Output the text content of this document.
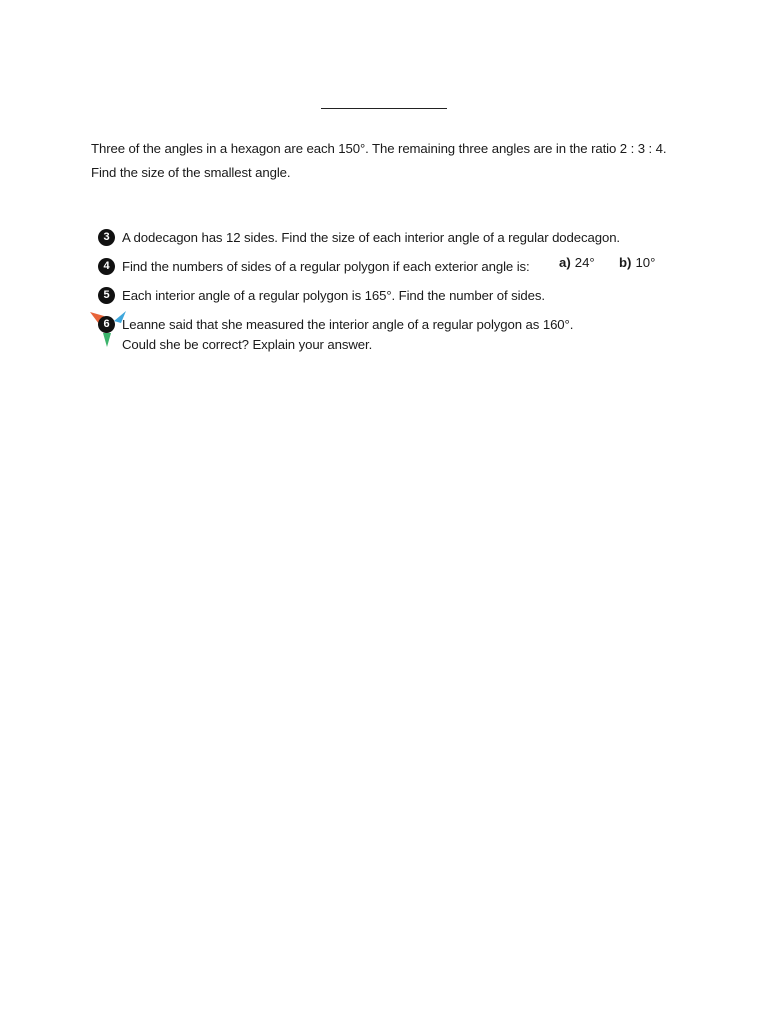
Three of the angles in a hexagon are each 150°. The remaining three angles are in the ratio 2 : 3 : 4.

Find the size of the smallest angle.

3 A dodecagon has 12 sides. Find the size of each interior angle of a regular dodecagon.
4 Find the numbers of sides of a regular polygon if each exterior angle is: a) 24° b) 10°
5 Each interior angle of a regular polygon is 165°. Find the number of sides.
6 Leanne said that she measured the interior angle of a regular polygon as 160°.
Could she be correct? Explain your answer.
